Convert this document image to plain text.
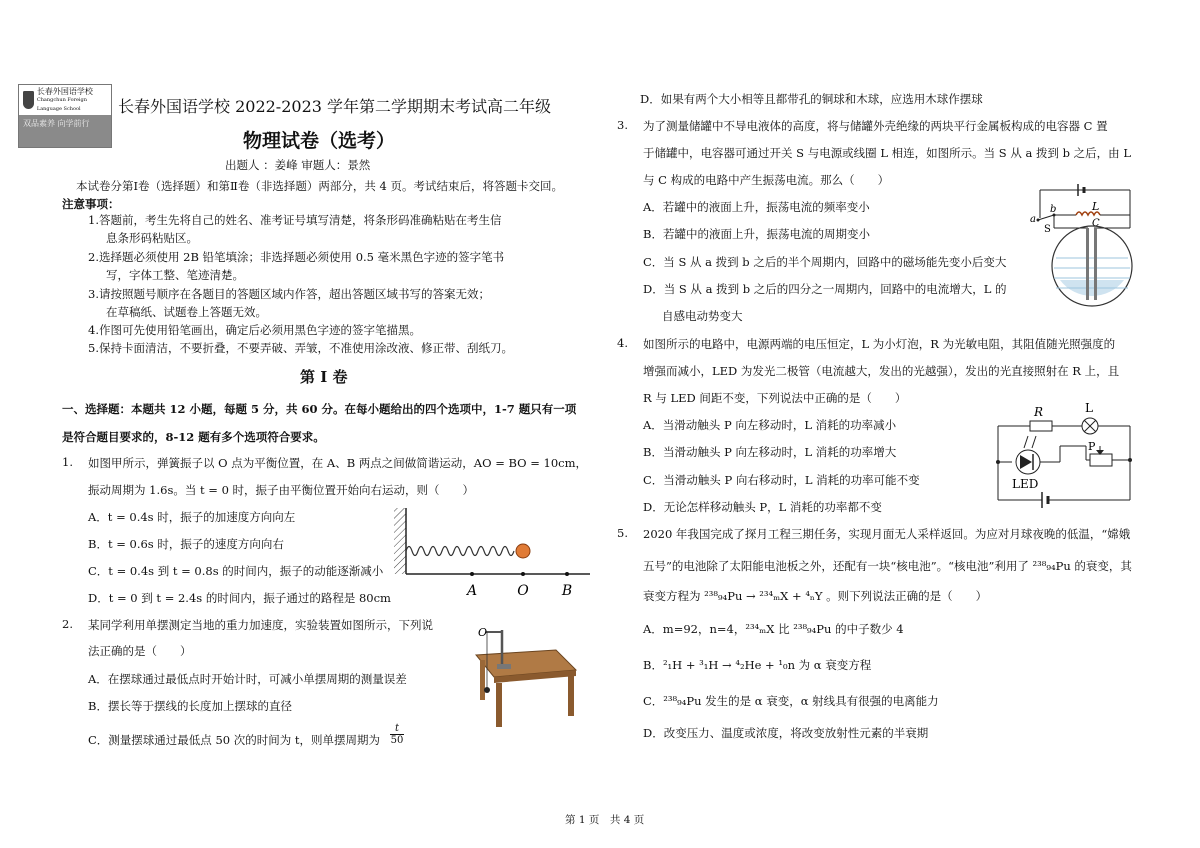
长春外国语学校
Changchun Foreign Language School
双品素养 向学前行
长春外国语学校 2022-2023 学年第二学期期末考试高二年级
物理试卷（选考）
出题人 ：姜峰 审题人：景然
本试卷分第Ⅰ卷（选择题）和第Ⅱ卷（非选择题）两部分，共 4 页。考试结束后，将答题卡交回。
注意事项：
1.答题前，考生先将自己的姓名、准考证号填写清楚，将条形码准确粘贴在考生信
息条形码粘贴区。
2.选择题必须使用 2B 铅笔填涂；非选择题必须使用 0.5 毫米黑色字迹的签字笔书
写，字体工整、笔迹清楚。
3.请按照题号顺序在各题目的答题区域内作答，超出答题区域书写的答案无效；
在草稿纸、试题卷上答题无效。
4.作图可先使用铅笔画出，确定后必须用黑色字迹的签字笔描黑。
5.保持卡面清洁，不要折叠，不要弄破、弄皱，不准使用涂改液、修正带、刮纸刀。
第 Ⅰ 卷
一、选择题：本题共 12 小题，每题 5 分，共 60 分。在每小题给出的四个选项中，1-7 题只有一项
是符合题目要求的，8-12 题有多个选项符合要求。
1. 如图甲所示，弹簧振子以 O 点为平衡位置，在 A、B 两点之间做简谐运动，AO = BO = 10cm，
振动周期为 1.6s。当 t = 0 时，振子由平衡位置开始向右运动，则（　　）
A．t = 0.4s 时，振子的加速度方向向左
B．t = 0.6s 时，振子的速度方向向右
C．t = 0.4s 到 t = 0.8s 的时间内，振子的动能逐渐减小
D．t = 0 到 t = 2.4s 的时间内，振子通过的路程是 80cm	A	O B
2. 某同学利用单摆测定当地的重力加速度，实验装置如图所示，下列说
法正确的是（　　）
A．在摆球通过最低点时开始计时，可减小单摆周期的测量误差
B．摆长等于摆线的长度加上摆球的直径
C．测量摆球通过最低点 50 次的时间为 t，则单摆周期为 $\frac{t}{50}$
O
D．如果有两个大小相等且都带孔的铜球和木球，应选用木球作摆球
3. 为了测量储罐中不导电液体的高度，将与储罐外壳绝缘的两块平行金属板构成的电容器 C 置
于储罐中，电容器可通过开关 S 与电源或线圈 L 相连，如图所示。当 S 从 a 拨到 b 之后，由 L
与 C 构成的电路中产生振荡电流。那么（　　）
A．若罐中的液面上升，振荡电流的频率变小
B．若罐中的液面上升，振荡电流的周期变小
C．当 S 从 a 拨到 b 之后的半个周期内，回路中的磁场能先变小后变大
D．当 S 从 a 拨到 b 之后的四分之一周期内，回路中的电流增大，L 的
自感电动势变大
L
a
b
S
C
4. 如图所示的电路中，电源两端的电压恒定，L 为小灯泡，R 为光敏电阻，其阻值随光照强度的
增强而减小，LED 为发光二极管（电流越大，发出的光越强），发出的光直接照射在 R 上，且
R 与 LED 间距不变，下列说法中正确的是（　　）
A．当滑动触头 P 向左移动时，L 消耗的功率减小
B．当滑动触头 P 向左移动时，L 消耗的功率增大
C．当滑动触头 P 向右移动时，L 消耗的功率可能不变
D．无论怎样移动触头 P，L 消耗的功率都不变
R	L
P
LED
5. 2020 年我国完成了探月工程三期任务，实现月面无人采样返回。为应对月球夜晚的低温，“嫦娥
五号”的电池除了太阳能电池板之外，还配有一块“核电池”。“核电池”利用了 ²³⁸₉₄Pu 的衰变，其
衰变方程为 ²³⁸₉₄Pu → ²³⁴ₘX + ⁴ₙY 。则下列说法正确的是（　　）
A．m=92，n=4，²³⁴ₘX 比 ²³⁸₉₄Pu 的中子数少 4
B．²₁H + ³₁H → ⁴₂He + ¹₀n 为 α 衰变方程
C．²³⁸₉₄Pu 发生的是 α 衰变，α 射线具有很强的电离能力
D．改变压力、温度或浓度，将改变放射性元素的半衰期
第 1 页　共 4 页
